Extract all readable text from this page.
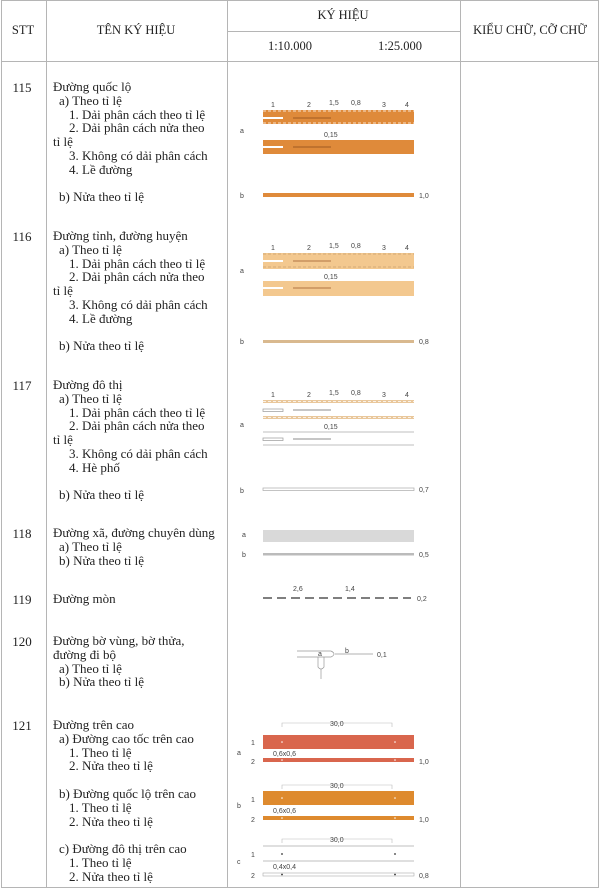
STT	TÊN KÝ HIỆU
KÝ HIỆU
1:10.000	1:25.000
KIỂU CHỮ, CỠ CHỮ
115	Đường quốc lộ
a) Theo tỉ lệ
1. Dải phân cách theo tỉ lệ
2. Dải phân cách nửa theo
tỉ lệ
3. Không có dải phân cách
4. Lề đường
b) Nửa theo tỉ lệ
a
b
1	2	1,5 0,8	3	4
0,15
1,0
116	Đường tỉnh, đường huyện
a) Theo tỉ lệ
1. Dải phân cách theo tỉ lệ
2. Dải phân cách nửa theo
tỉ lệ
3. Không có dải phân cách
4. Lề đường
b) Nửa theo tỉ lệ
a
b
1	2	1,5 0,8	3	4
0,15
0,8
117	Đường đô thị
a) Theo tỉ lệ
1. Dải phân cách theo tỉ lệ
2. Dải phân cách nửa theo
tỉ lệ
3. Không có dải phân cách
4. Hè phố
b) Nửa theo tỉ lệ
a
b
1	2	1,5 0,8	3	4
0,15
0,7
118	Đường xã, đường chuyên dùng
a) Theo tỉ lệ
b) Nửa theo tỉ lệ
a
b	0,5
119	Đường mòn
2,6	1,4
0,2
120	Đường bờ vùng, bờ thửa,
đường đi bộ
a) Theo tỉ lệ
b) Nửa theo tỉ lệ
a	b
0,1
121	Đường trên cao
a) Đường cao tốc trên cao
1. Theo tỉ lệ
2. Nửa theo tỉ lệ
b) Đường quốc lộ trên cao
1. Theo tỉ lệ
2. Nửa theo tỉ lệ
c) Đường đô thị trên cao
1. Theo tỉ lệ
2. Nửa theo tỉ lệ
30,0
1
a	0,6x0,6
2	1,0
30,0
1
b
0,6x0,6
2	1,0
30,0
1
c
0,4x0,4
2	0,8
